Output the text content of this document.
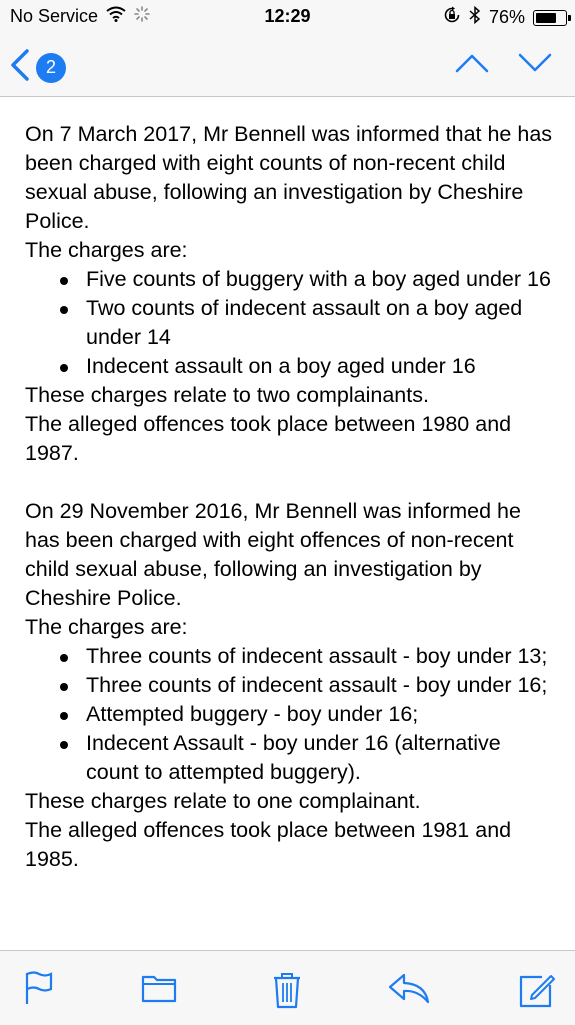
No Service	12:29	76%
2

On 7 March 2017, Mr Bennell was informed that he has been charged with eight counts of non-recent child sexual abuse, following an investigation by Cheshire Police.

The charges are:

Five counts of buggery with a boy aged under 16
Two counts of indecent assault on a boy aged under 14
Indecent assault on a boy aged under 16

These charges relate to two complainants.

The alleged offences took place between 1980 and 1987.

On 29 November 2016, Mr Bennell was informed he has been charged with eight offences of non-recent child sexual abuse, following an investigation by Cheshire Police.

The charges are:

Three counts of indecent assault - boy under 13;
Three counts of indecent assault - boy under 16;
Attempted buggery - boy under 16;
Indecent Assault - boy under 16 (alternative count to attempted buggery).

These charges relate to one complainant.

The alleged offences took place between 1981 and 1985.
